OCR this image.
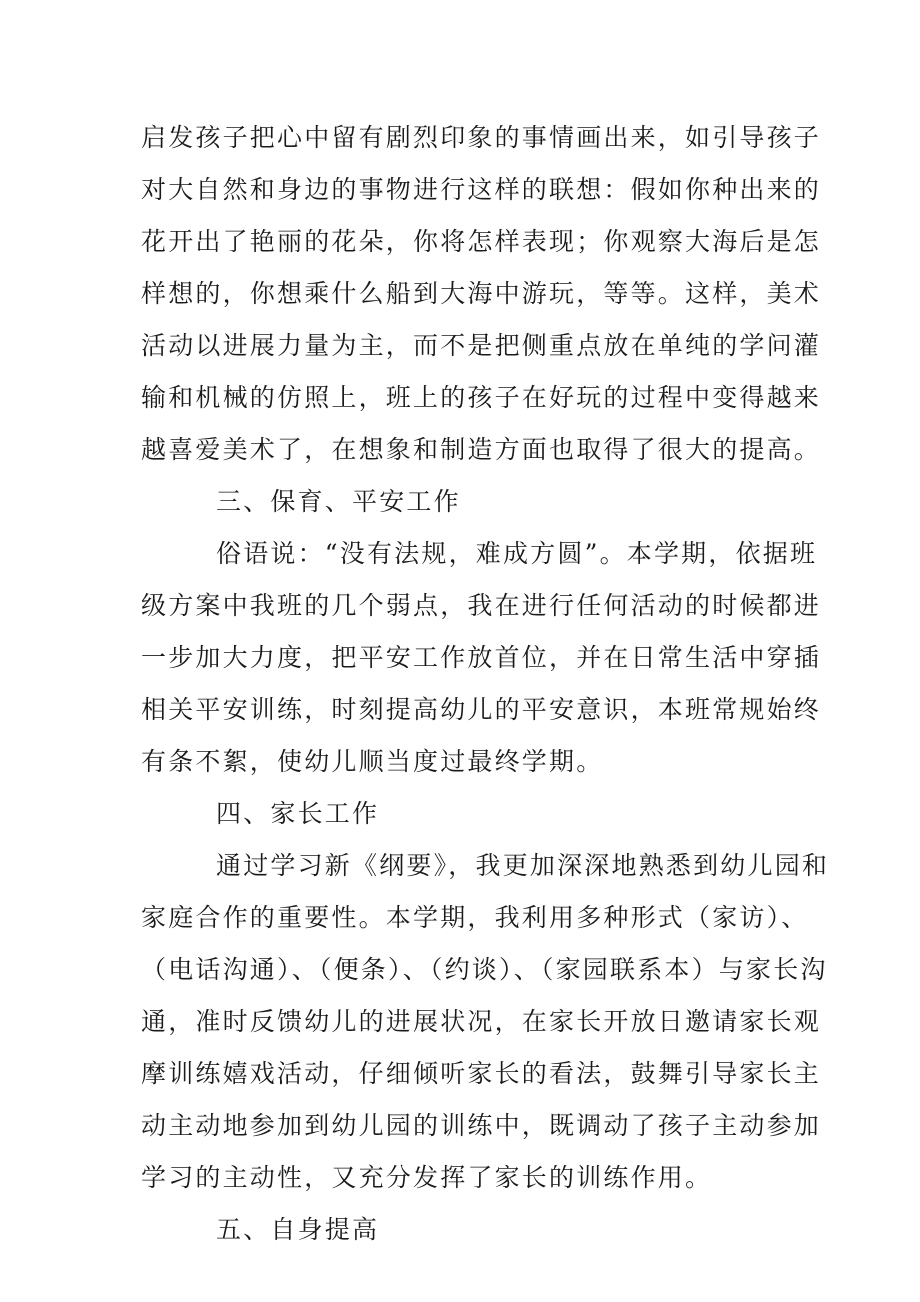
启发孩子把心中留有剧烈印象的事情画出来，如引导孩子
对大自然和身边的事物进行这样的联想：假如你种出来的
花开出了艳丽的花朵，你将怎样表现；你观察大海后是怎
样想的，你想乘什么船到大海中游玩，等等。这样，美术
活动以进展力量为主，而不是把侧重点放在单纯的学问灌
输和机械的仿照上，班上的孩子在好玩的过程中变得越来
越喜爱美术了，在想象和制造方面也取得了很大的提高。
三、保育、平安工作
俗语说：“没有法规，难成方圆”。本学期，依据班
级方案中我班的几个弱点，我在进行任何活动的时候都进
一步加大力度，把平安工作放首位，并在日常生活中穿插
相关平安训练，时刻提高幼儿的平安意识，本班常规始终
有条不絮，使幼儿顺当度过最终学期。
四、家长工作
通过学习新《纲要》，我更加深深地熟悉到幼儿园和
家庭合作的重要性。本学期，我利用多种形式（家访）、
（电话沟通）、（便条）、（约谈）、（家园联系本）与家长沟
通，准时反馈幼儿的进展状况，在家长开放日邀请家长观
摩训练嬉戏活动，仔细倾听家长的看法，鼓舞引导家长主
动主动地参加到幼儿园的训练中，既调动了孩子主动参加
学习的主动性，又充分发挥了家长的训练作用。
五、自身提高
